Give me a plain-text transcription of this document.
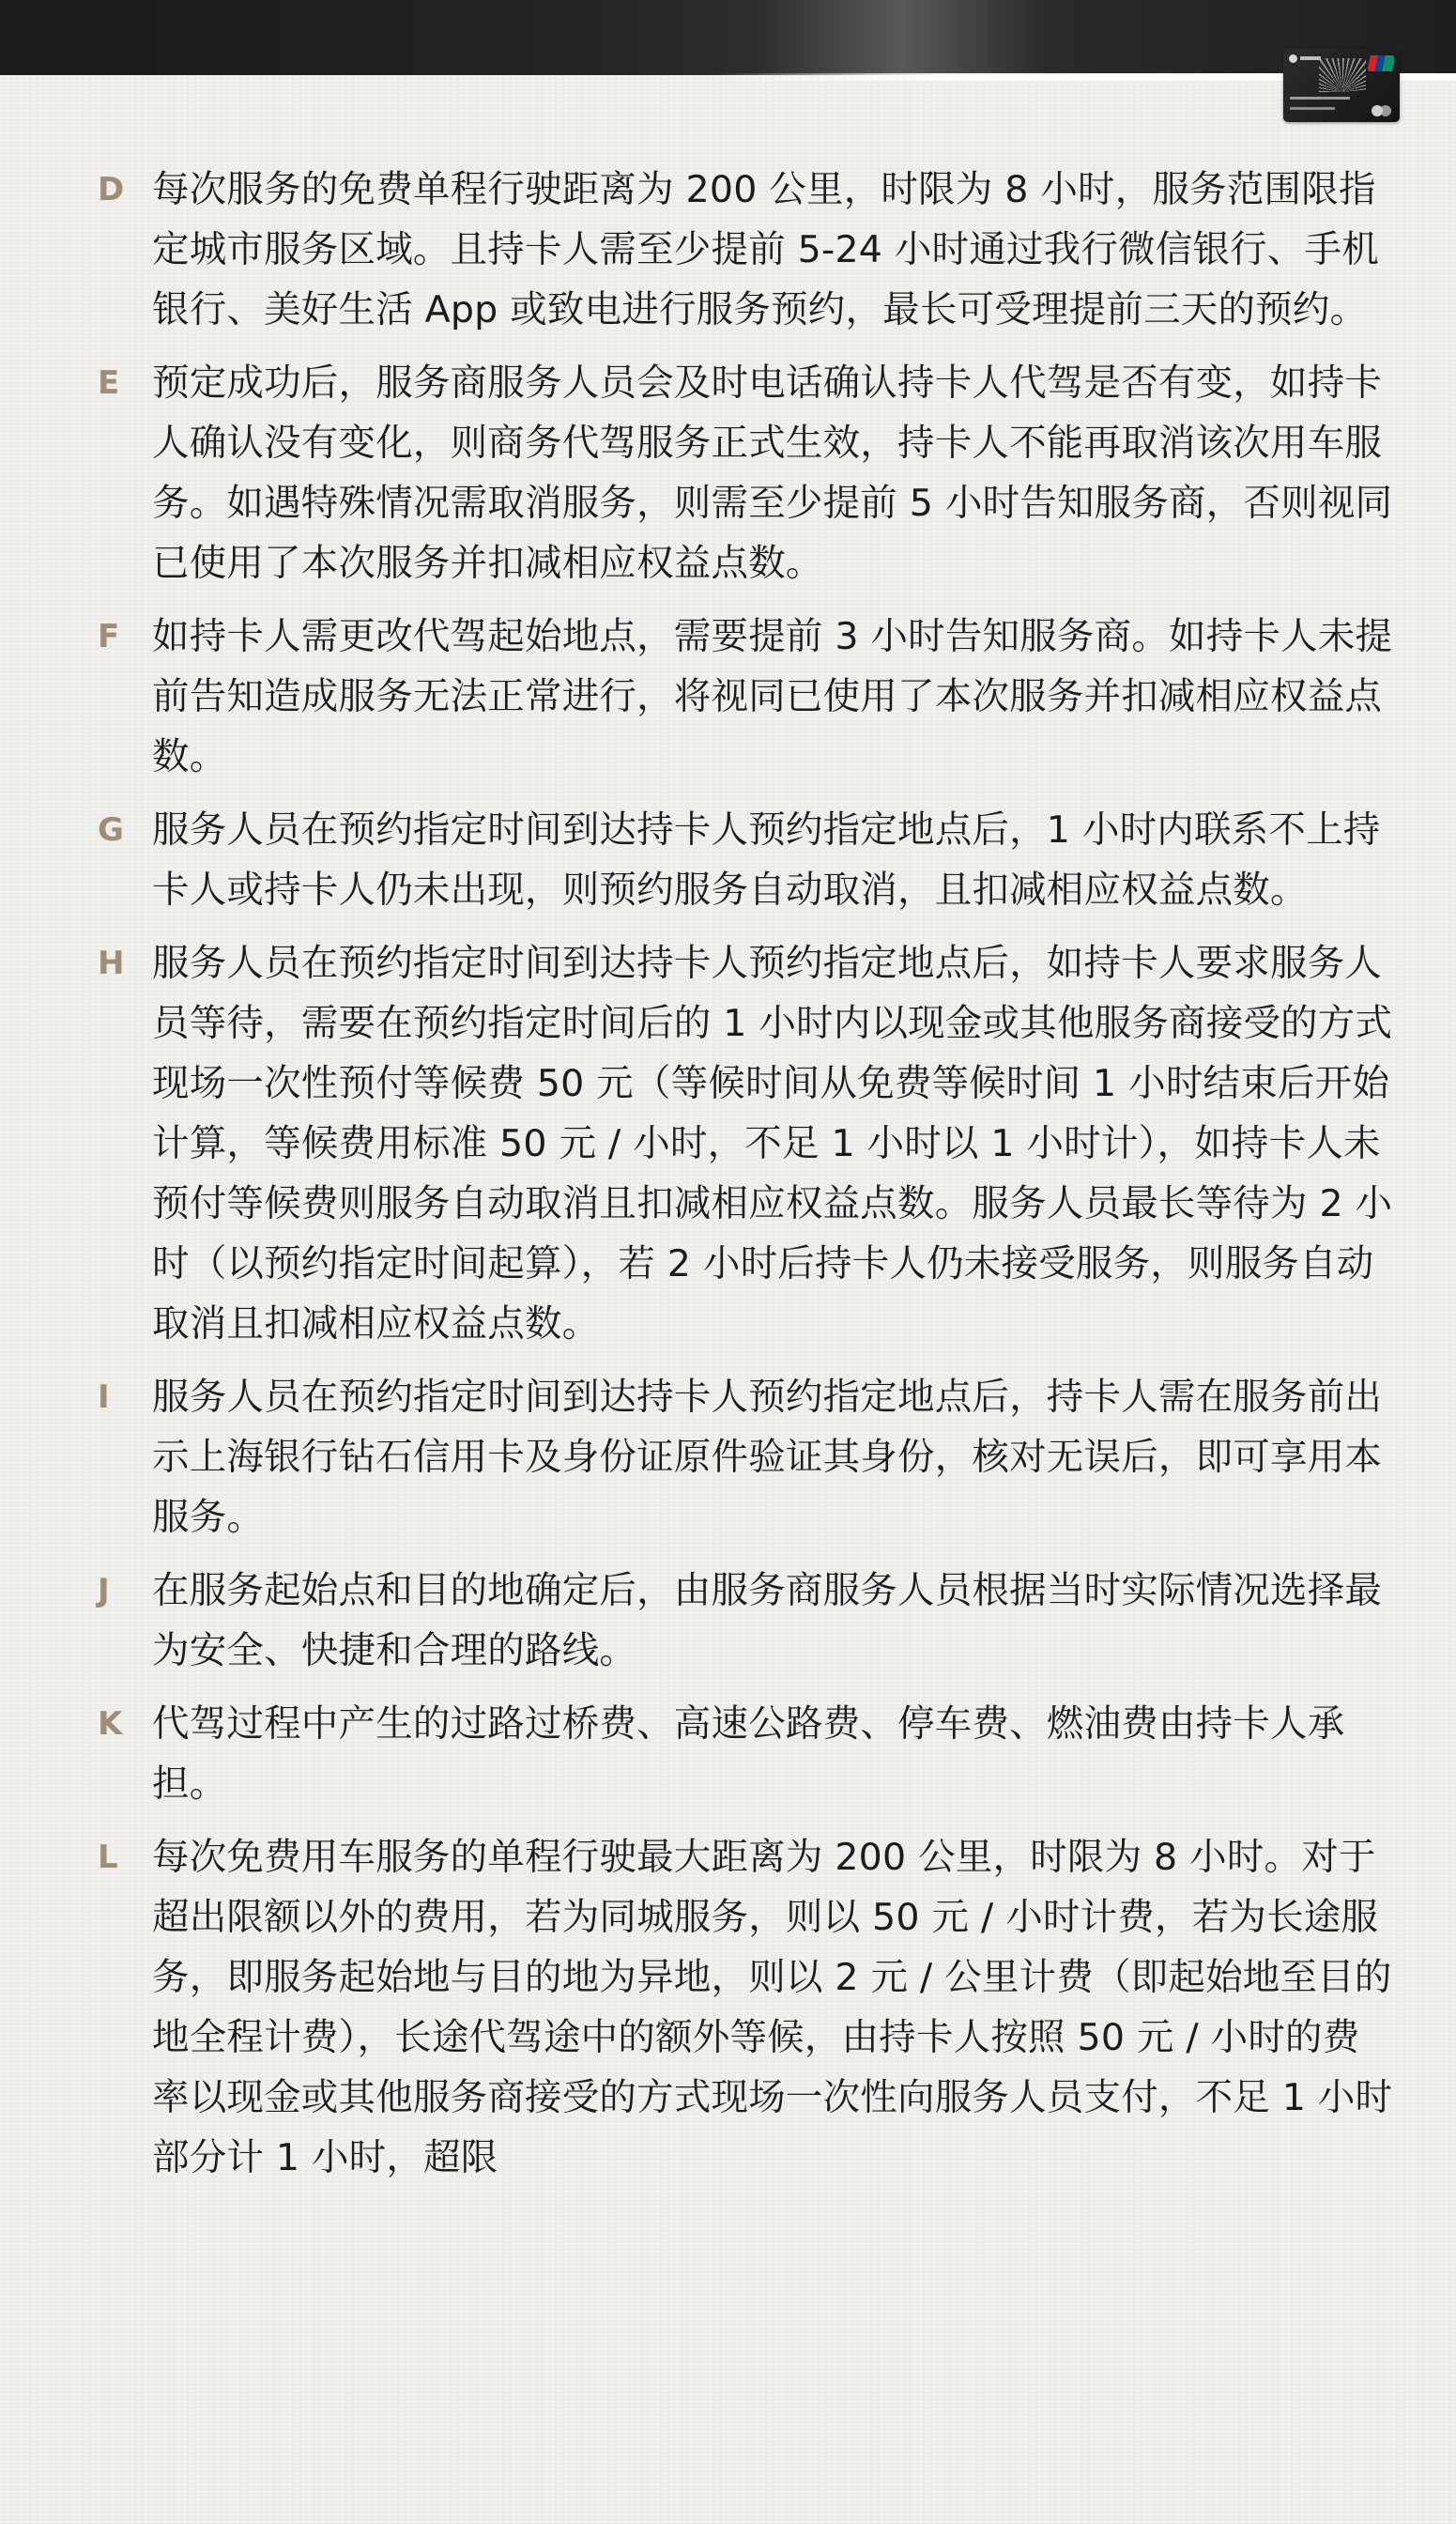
D 每次服务的免费单程行驶距离为 200 公里，时限为 8 小时，服务范围限指定城市服务区域。且持卡人需至少提前 5-24 小时通过我行微信银行、手机银行、美好生活 App 或致电进行服务预约，最长可受理提前三天的预约。
E 预定成功后，服务商服务人员会及时电话确认持卡人代驾是否有变，如持卡人确认没有变化，则商务代驾服务正式生效，持卡人不能再取消该次用车服务。如遇特殊情况需取消服务，则需至少提前 5 小时告知服务商，否则视同已使用了本次服务并扣减相应权益点数。
F 如持卡人需更改代驾起始地点，需要提前 3 小时告知服务商。如持卡人未提前告知造成服务无法正常进行，将视同已使用了本次服务并扣减相应权益点数。
G 服务人员在预约指定时间到达持卡人预约指定地点后，1 小时内联系不上持卡人或持卡人仍未出现，则预约服务自动取消，且扣减相应权益点数。
H 服务人员在预约指定时间到达持卡人预约指定地点后，如持卡人要求服务人员等待，需要在预约指定时间后的 1 小时内以现金或其他服务商接受的方式现场一次性预付等候费 50 元（等候时间从免费等候时间 1 小时结束后开始计算，等候费用标准 50 元 / 小时，不足 1 小时以 1 小时计），如持卡人未预付等候费则服务自动取消且扣减相应权益点数。服务人员最长等待为 2 小时（以预约指定时间起算），若 2 小时后持卡人仍未接受服务，则服务自动取消且扣减相应权益点数。
I 服务人员在预约指定时间到达持卡人预约指定地点后，持卡人需在服务前出示上海银行钻石信用卡及身份证原件验证其身份，核对无误后，即可享用本服务。
J 在服务起始点和目的地确定后，由服务商服务人员根据当时实际情况选择最为安全、快捷和合理的路线。
K 代驾过程中产生的过路过桥费、高速公路费、停车费、燃油费由持卡人承担。
L 每次免费用车服务的单程行驶最大距离为 200 公里，时限为 8 小时。对于超出限额以外的费用，若为同城服务，则以 50 元 / 小时计费，若为长途服务，即服务起始地与目的地为异地，则以 2 元 / 公里计费（即起始地至目的地全程计费），长途代驾途中的额外等候，由持卡人按照 50 元 / 小时的费率以现金或其他服务商接受的方式现场一次性向服务人员支付，不足 1 小时部分计 1 小时，超限
